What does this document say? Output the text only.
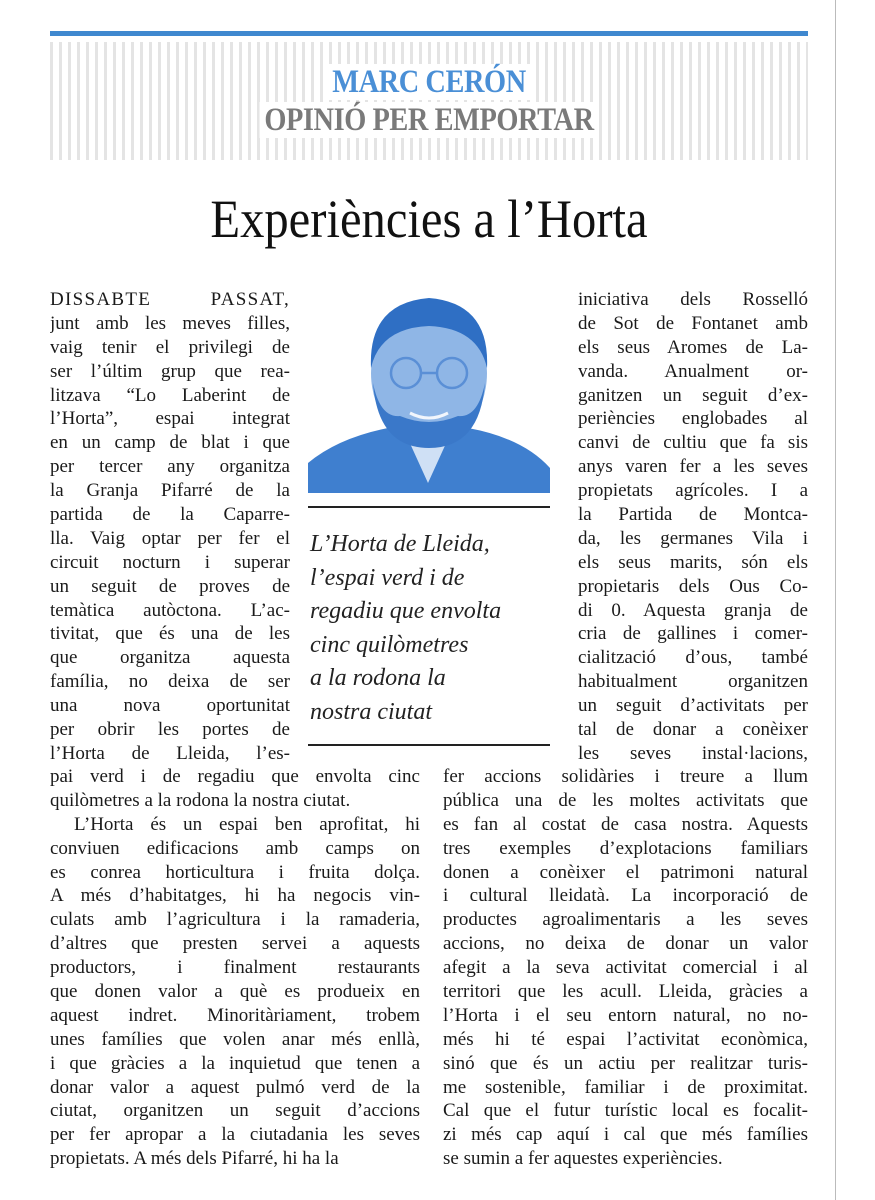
MARC CERÓN
OPINIÓ PER EMPORTAR
Experiències a l’Horta
DISSABTE PASSAT,
junt amb les meves filles,
vaig tenir el privilegi de
ser l’últim grup que rea-
litzava “Lo Laberint de
l’Horta”, espai integrat
en un camp de blat i que
per tercer any organitza
la Granja Pifarré de la
partida de la Caparre-
lla. Vaig optar per fer el
circuit nocturn i superar
un seguit de proves de
temàtica autòctona. L’ac-
tivitat, que és una de les
que organitza aquesta
família, no deixa de ser
una nova oportunitat
per obrir les portes de
l’Horta de Lleida, l’es-
pai verd i de regadiu que envolta cinc
quilòmetres a la rodona la nostra ciutat.
L’Horta és un espai ben aprofitat, hi
conviuen edificacions amb camps on
es conrea horticultura i fruita dolça.
A més d’habitatges, hi ha negocis vin-
culats amb l’agricultura i la ramaderia,
d’altres que presten servei a aquests
productors, i finalment restaurants
que donen valor a què es produeix en
aquest indret. Minoritàriament, trobem
unes famílies que volen anar més enllà,
i que gràcies a la inquietud que tenen a
donar valor a aquest pulmó verd de la
ciutat, organitzen un seguit d’accions
per fer apropar a la ciutadania les seves
propietats. A més dels Pifarré, hi ha la
iniciativa dels Rosselló
de Sot de Fontanet amb
els seus Aromes de La-
vanda. Anualment or-
ganitzen un seguit d’ex-
periències englobades al
canvi de cultiu que fa sis
anys varen fer a les seves
propietats agrícoles. I a
la Partida de Montca-
da, les germanes Vila i
els seus marits, són els
propietaris dels Ous Co-
di 0. Aquesta granja de
cria de gallines i comer-
cialització d’ous, també
habitualment organitzen
un seguit d’activitats per
tal de donar a conèixer
les seves instal·lacions,
fer accions solidàries i treure a llum
pública una de les moltes activitats que
es fan al costat de casa nostra. Aquests
tres exemples d’explotacions familiars
donen a conèixer el patrimoni natural
i cultural lleidatà. La incorporació de
productes agroalimentaris a les seves
accions, no deixa de donar un valor
afegit a la seva activitat comercial i al
territori que les acull. Lleida, gràcies a
l’Horta i el seu entorn natural, no no-
més hi té espai l’activitat econòmica,
sinó que és un actiu per realitzar turis-
me sostenible, familiar i de proximitat.
Cal que el futur turístic local es focalit-
zi més cap aquí i cal que més famílies
se sumin a fer aquestes experiències.
L’Horta de Lleida,
l’espai verd i de
regadiu que envolta
cinc quilòmetres
a la rodona la
nostra ciutat
